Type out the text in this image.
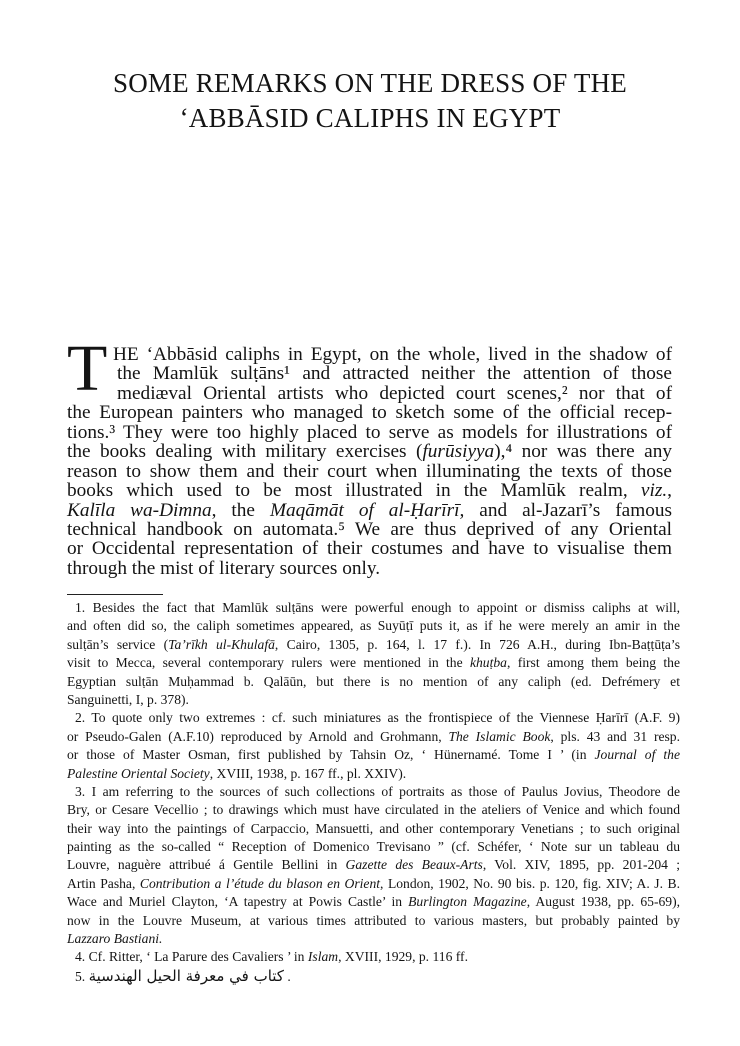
SOME REMARKS ON THE DRESS OF THE
‘ABBĀSID CALIPHS IN EGYPT
T HE ‘Abbāsid caliphs in Egypt, on the whole, lived in the shadow of
the Mamlūk sulṭāns¹ and attracted neither the attention of those
mediæval Oriental artists who depicted court scenes,² nor that of
the European painters who managed to sketch some of the official recep-
tions.³ They were too highly placed to serve as models for illustrations of
the books dealing with military exercises (furūsiyya),⁴ nor was there any
reason to show them and their court when illuminating the texts of those
books which used to be most illustrated in the Mamlūk realm, viz.,
Kalīla wa-Dimna, the Maqāmāt of al-Ḥarīrī, and al-Jazarī’s famous
technical handbook on automata.⁵ We are thus deprived of any Oriental
or Occidental representation of their costumes and have to visualise them
through the mist of literary sources only.
1. Besides the fact that Mamlūk sulṭāns were powerful enough to appoint or dismiss caliphs at will,
and often did so, the caliph sometimes appeared, as Suyūṭī puts it, as if he were merely an amir in the
sulṭān’s service (Ta’rīkh ul-Khulafā, Cairo, 1305, p. 164, l. 17 f.). In 726 A.H., during Ibn-Baṭṭūṭa’s
visit to Mecca, several contemporary rulers were mentioned in the khuṭba, first among them being the
Egyptian sulṭān Muḥammad b. Qalāūn, but there is no mention of any caliph (ed. Defrémery et
Sanguinetti, I, p. 378).
2. To quote only two extremes : cf. such miniatures as the frontispiece of the Viennese Ḥarīrī (A.F. 9)
or Pseudo-Galen (A.F.10) reproduced by Arnold and Grohmann, The Islamic Book, pls. 43 and 31 resp.
or those of Master Osman, first published by Tahsin Oz, ‘ Hünernamé. Tome I ’ (in Journal of the
Palestine Oriental Society, XVIII, 1938, p. 167 ff., pl. XXIV).
3. I am referring to the sources of such collections of portraits as those of Paulus Jovius, Theodore de
Bry, or Cesare Vecellio ; to drawings which must have circulated in the ateliers of Venice and which found
their way into the paintings of Carpaccio, Mansuetti, and other contemporary Venetians ; to such original
painting as the so-called “ Reception of Domenico Trevisano ” (cf. Schéfer, ‘ Note sur un tableau du
Louvre, naguère attribué á Gentile Bellini in Gazette des Beaux-Arts, Vol. XIV, 1895, pp. 201-204 ;
Artin Pasha, Contribution a l’étude du blason en Orient, London, 1902, No. 90 bis. p. 120, fig. XIV; A. J. B.
Wace and Muriel Clayton, ‘A tapestry at Powis Castle’ in Burlington Magazine, August 1938, pp. 65-69),
now in the Louvre Museum, at various times attributed to various masters, but probably painted by
Lazzaro Bastiani.
4. Cf. Ritter, ‘ La Parure des Cavaliers ’ in Islam, XVIII, 1929, p. 116 ff.
5. كتاب في معرفة الحيل الهندسية .
